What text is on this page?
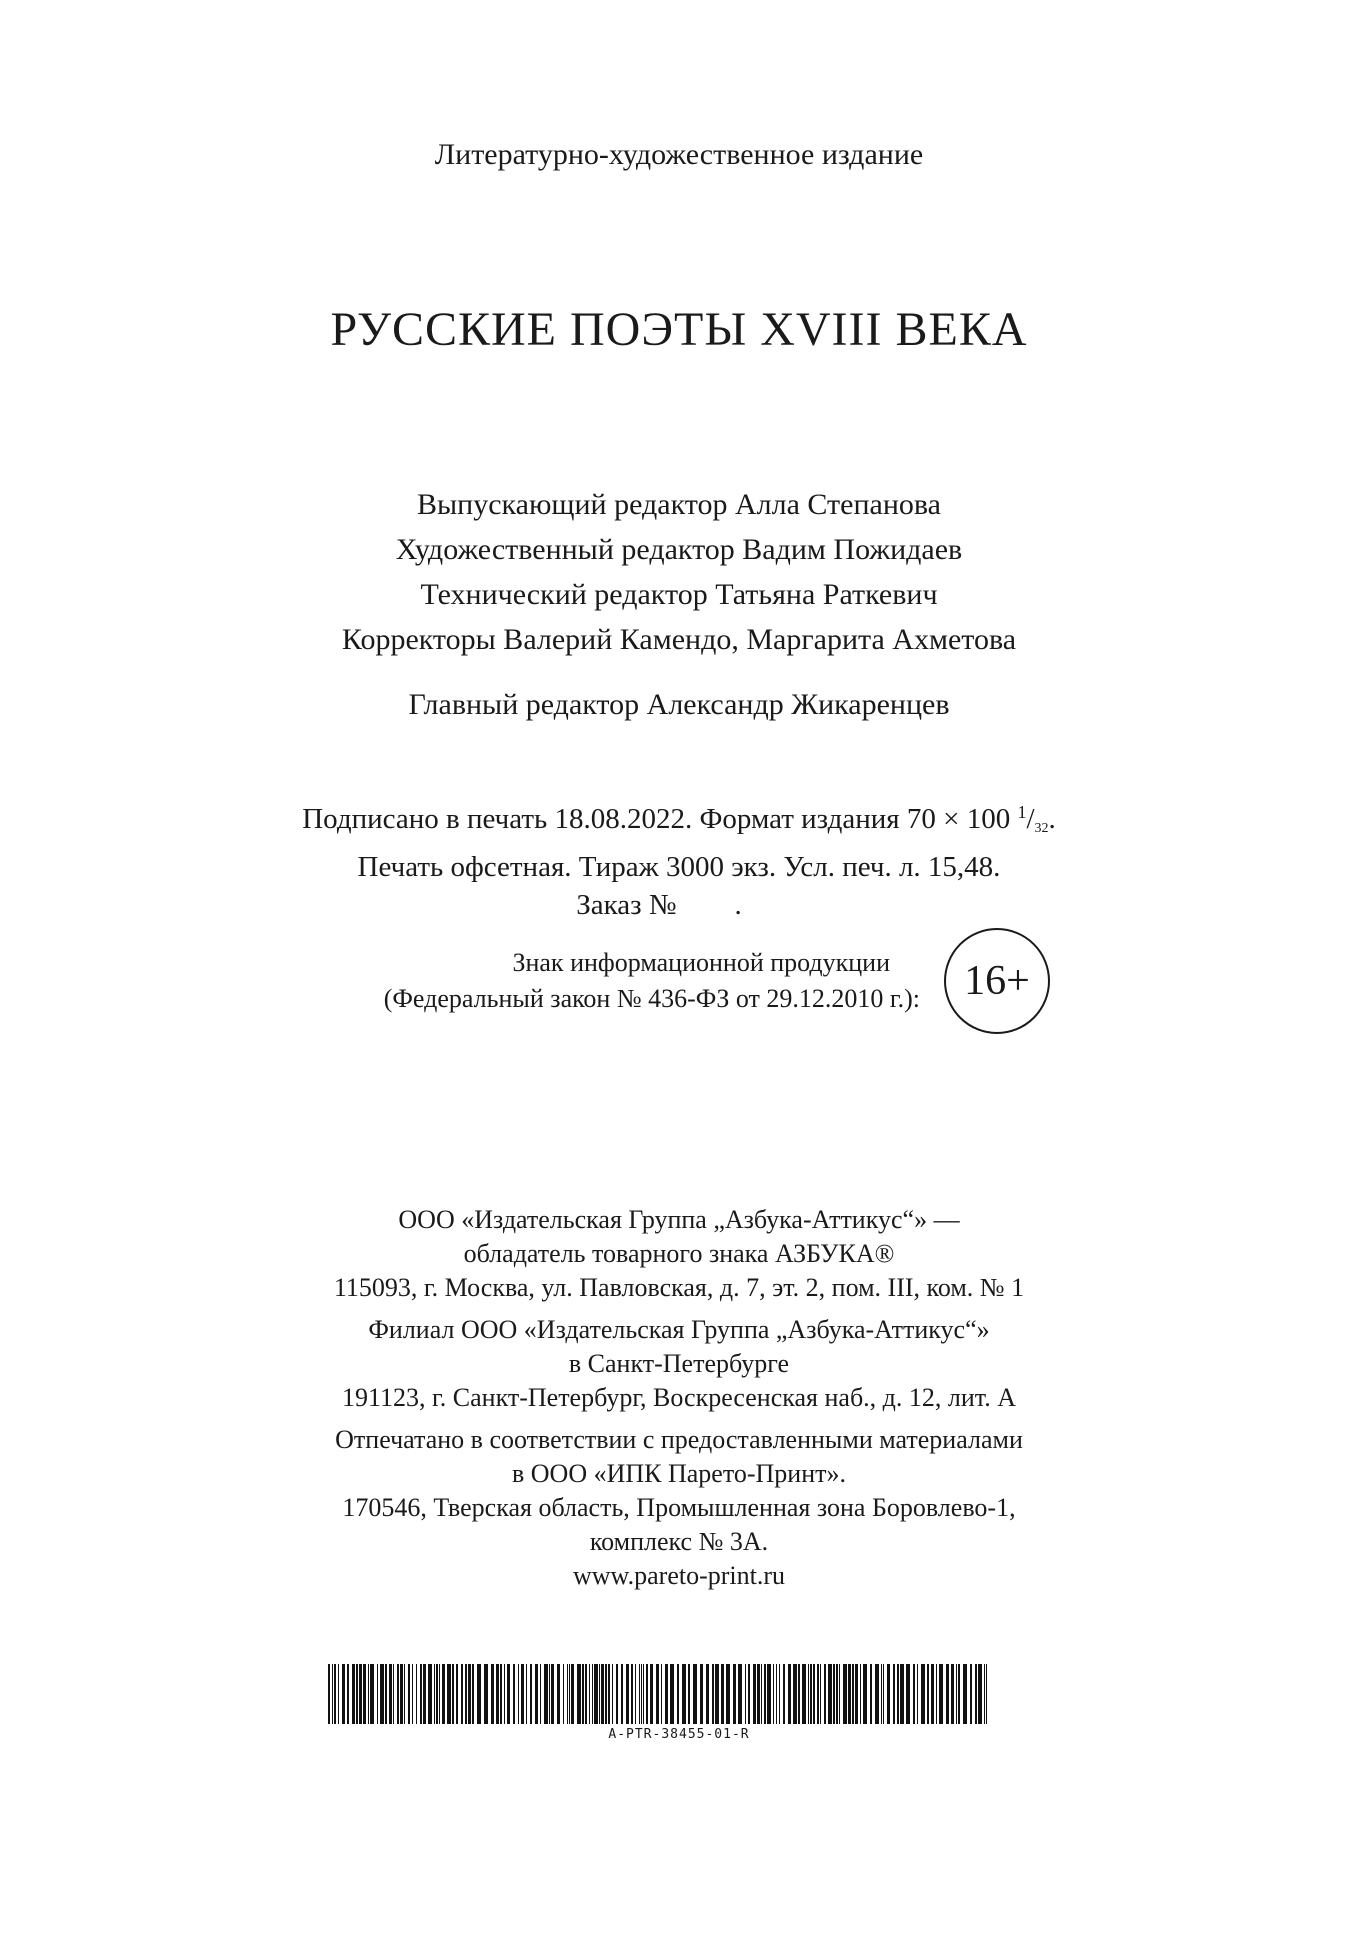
Литературно-художественное издание
РУССКИЕ ПОЭТЫ XVIII ВЕКА
Выпускающий редактор Алла Степанова
Художественный редактор Вадим Пожидаев
Технический редактор Татьяна Раткевич
Корректоры Валерий Камендо, Маргарита Ахметова
Главный редактор Александр Жикаренцев
Подписано в печать 18.08.2022. Формат издания 70 × 100 $^1/_{32}$.
Печать офсетная. Тираж 3000 экз. Усл. печ. л. 15,48.
Заказ №        .
Знак информационной продукции
(Федеральный закон № 436-ФЗ от 29.12.2010 г.):	16+
ООО «Издательская Группа „Азбука-Аттикус“» —
обладатель товарного знака АЗБУКА®
115093, г. Москва, ул. Павловская, д. 7, эт. 2, пом. III, ком. № 1
Филиал ООО «Издательская Группа „Азбука-Аттикус“»
в Санкт-Петербурге
191123, г. Санкт-Петербург, Воскресенская наб., д. 12, лит. А
Отпечатано в соответствии с предоставленными материалами
в ООО «ИПК Парето-Принт».
170546, Тверская область, Промышленная зона Боровлево-1,
комплекс № 3А.
www.pareto-print.ru
A-PTR-38455-01-R
